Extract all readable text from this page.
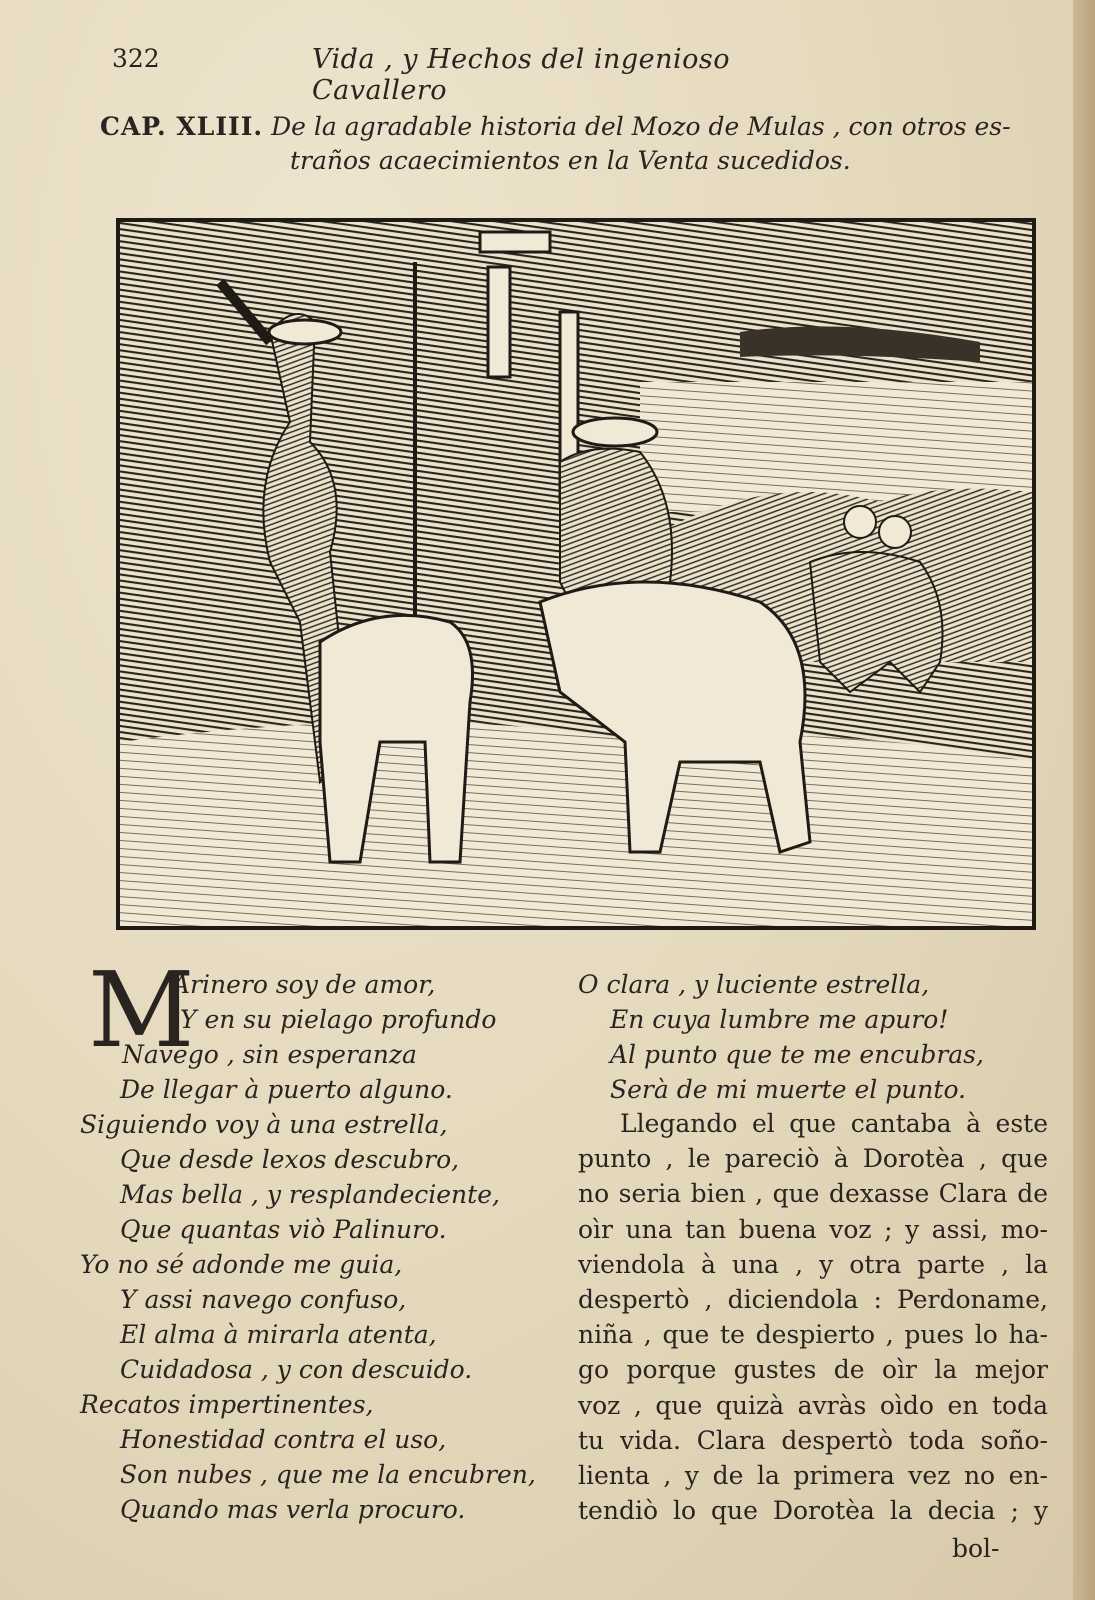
322	Vida , y Hechos del ingenioso Cavallero
CAP. XLIII. De la agradable historia del Mozo de Mulas , con otros es-
traños acaecimientos en la Venta sucedidos.
M
Arinero soy de amor,
Y en su pielago profundo
Navego , sin esperanza
De llegar à puerto alguno.
Siguiendo voy à una estrella,
Que desde lexos descubro,
Mas bella , y resplandeciente,
Que quantas viò Palinuro.
Yo no sé adonde me guia,
Y assi navego confuso,
El alma à mirarla atenta,
Cuidadosa , y con descuido.
Recatos impertinentes,
Honestidad contra el uso,
Son nubes , que me la encubren,
Quando mas verla procuro.
O clara , y luciente estrella,
En cuya lumbre me apuro!
Al punto que te me encubras,
Serà de mi muerte el punto.
Llegando el que cantaba à este
punto , le pareciò à Dorotèa , que
no seria bien , que dexasse Clara de
oìr una tan buena voz ; y assi, mo-
viendola à una , y otra parte , la
despertò , diciendola : Perdoname,
niña , que te despierto , pues lo ha-
go porque gustes de oìr la mejor
voz , que quizà avràs oìdo en toda
tu vida. Clara despertò toda soño-
lienta , y de la primera vez no en-
tendiò lo que Dorotèa la decia ; y
bol-
